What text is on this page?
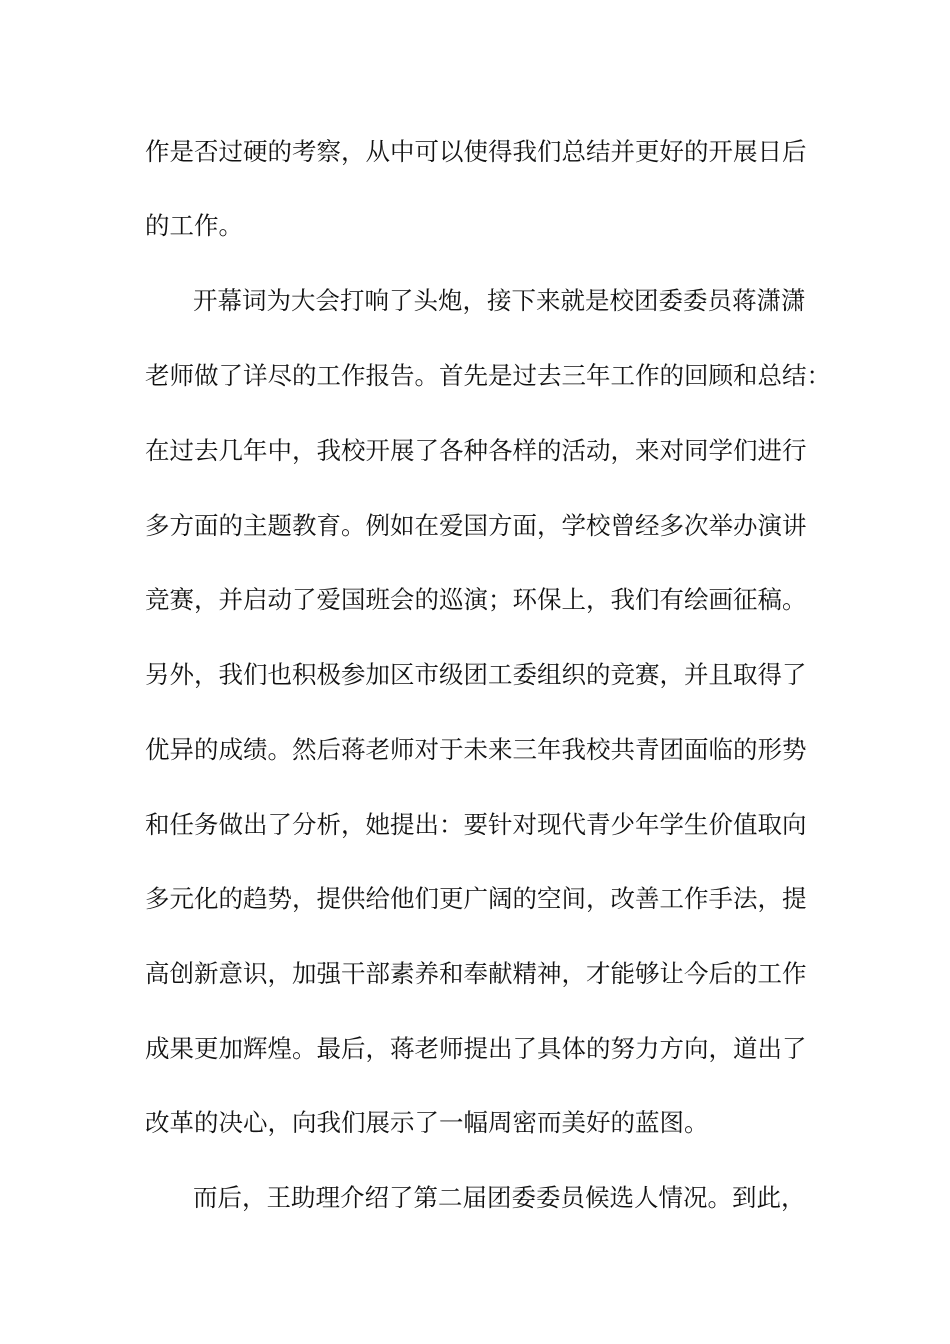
作是否过硬的考察，从中可以使得我们总结并更好的开展日后
的工作。
开幕词为大会打响了头炮，接下来就是校团委委员蒋潇潇
老师做了详尽的工作报告。首先是过去三年工作的回顾和总结：
在过去几年中，我校开展了各种各样的活动，来对同学们进行
多方面的主题教育。例如在爱国方面，学校曾经多次举办演讲
竞赛，并启动了爱国班会的巡演；环保上，我们有绘画征稿。
另外，我们也积极参加区市级团工委组织的竞赛，并且取得了
优异的成绩。然后蒋老师对于未来三年我校共青团面临的形势
和任务做出了分析，她提出：要针对现代青少年学生价值取向
多元化的趋势，提供给他们更广阔的空间，改善工作手法，提
高创新意识，加强干部素养和奉献精神，才能够让今后的工作
成果更加辉煌。最后，蒋老师提出了具体的努力方向，道出了
改革的决心，向我们展示了一幅周密而美好的蓝图。
而后，王助理介绍了第二届团委委员候选人情况。到此，
